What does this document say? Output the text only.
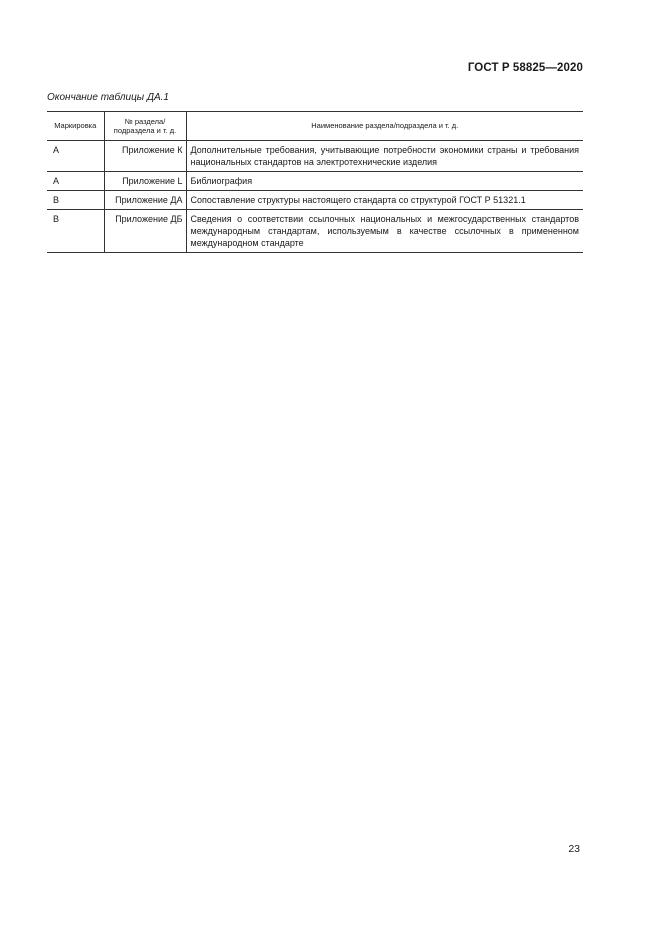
ГОСТ Р 58825—2020
Окончание таблицы ДА.1
Маркировка	№ раздела/ подраздела и т. д.	Наименование раздела/подраздела и т. д.
А	Приложение К	Дополнительные требования, учитывающие потребности экономики страны и требования национальных стандартов на электротехнические изделия
А	Приложение L	Библиография
В	Приложение ДА	Сопоставление структуры настоящего стандарта со структурой ГОСТ Р 51321.1
В	Приложение ДБ	Сведения о соответствии ссылочных национальных и межгосударственных стандартов международным стандартам, используемым в качестве ссылочных в примененном международном стандарте
23
